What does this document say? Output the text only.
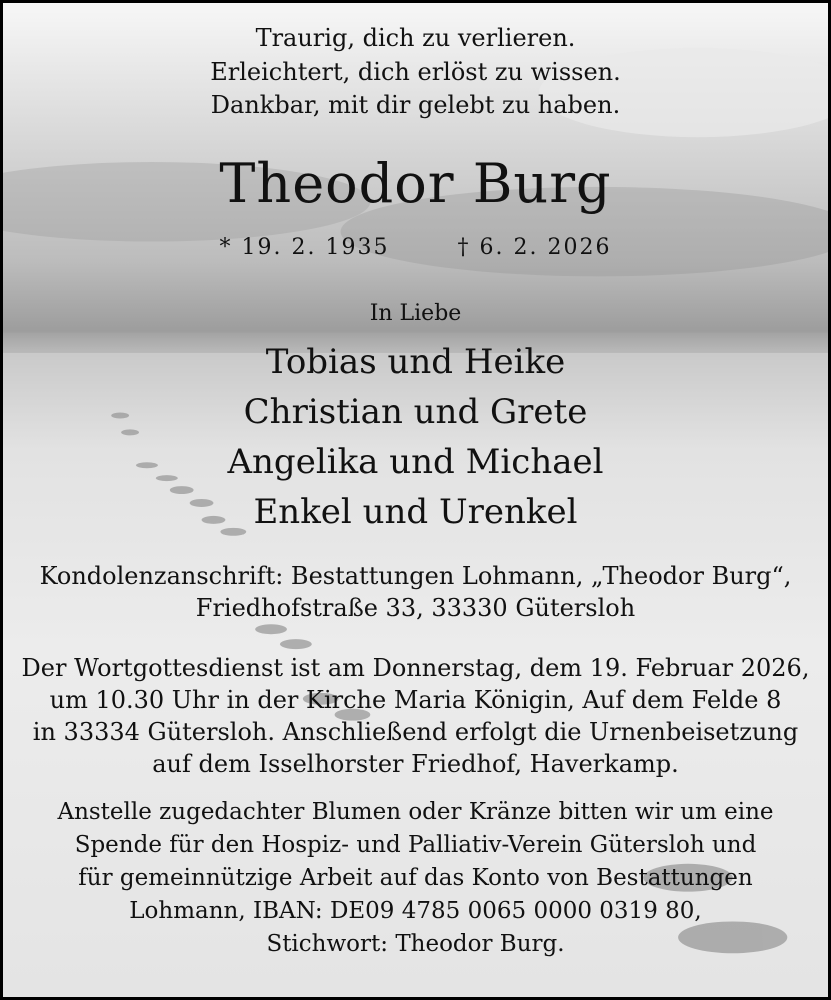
Traurig, dich zu verlieren.

Erleichtert, dich erlöst zu wissen.

Dankbar, mit dir gelebt zu haben.

Theodor Burg
* 19. 2. 1935	† 6. 2. 2026

In Liebe

Tobias und Heike

Christian und Grete

Angelika und Michael

Enkel und Urenkel

Kondolenzanschrift: Bestattungen Lohmann, „Theodor Burg“,

Friedhofstraße 33, 33330 Gütersloh

Der Wortgottesdienst ist am Donnerstag, dem 19. Februar 2026,

um 10.30 Uhr in der Kirche Maria Königin, Auf dem Felde 8

in 33334 Gütersloh. Anschließend erfolgt die Urnenbeisetzung

auf dem Isselhorster Friedhof, Haverkamp.

Anstelle zugedachter Blumen oder Kränze bitten wir um eine

Spende für den Hospiz- und Palliativ-Verein Gütersloh und

für gemeinnützige Arbeit auf das Konto von Bestattungen

Lohmann, IBAN: DE09 4785 0065 0000 0319 80,

Stichwort: Theodor Burg.
